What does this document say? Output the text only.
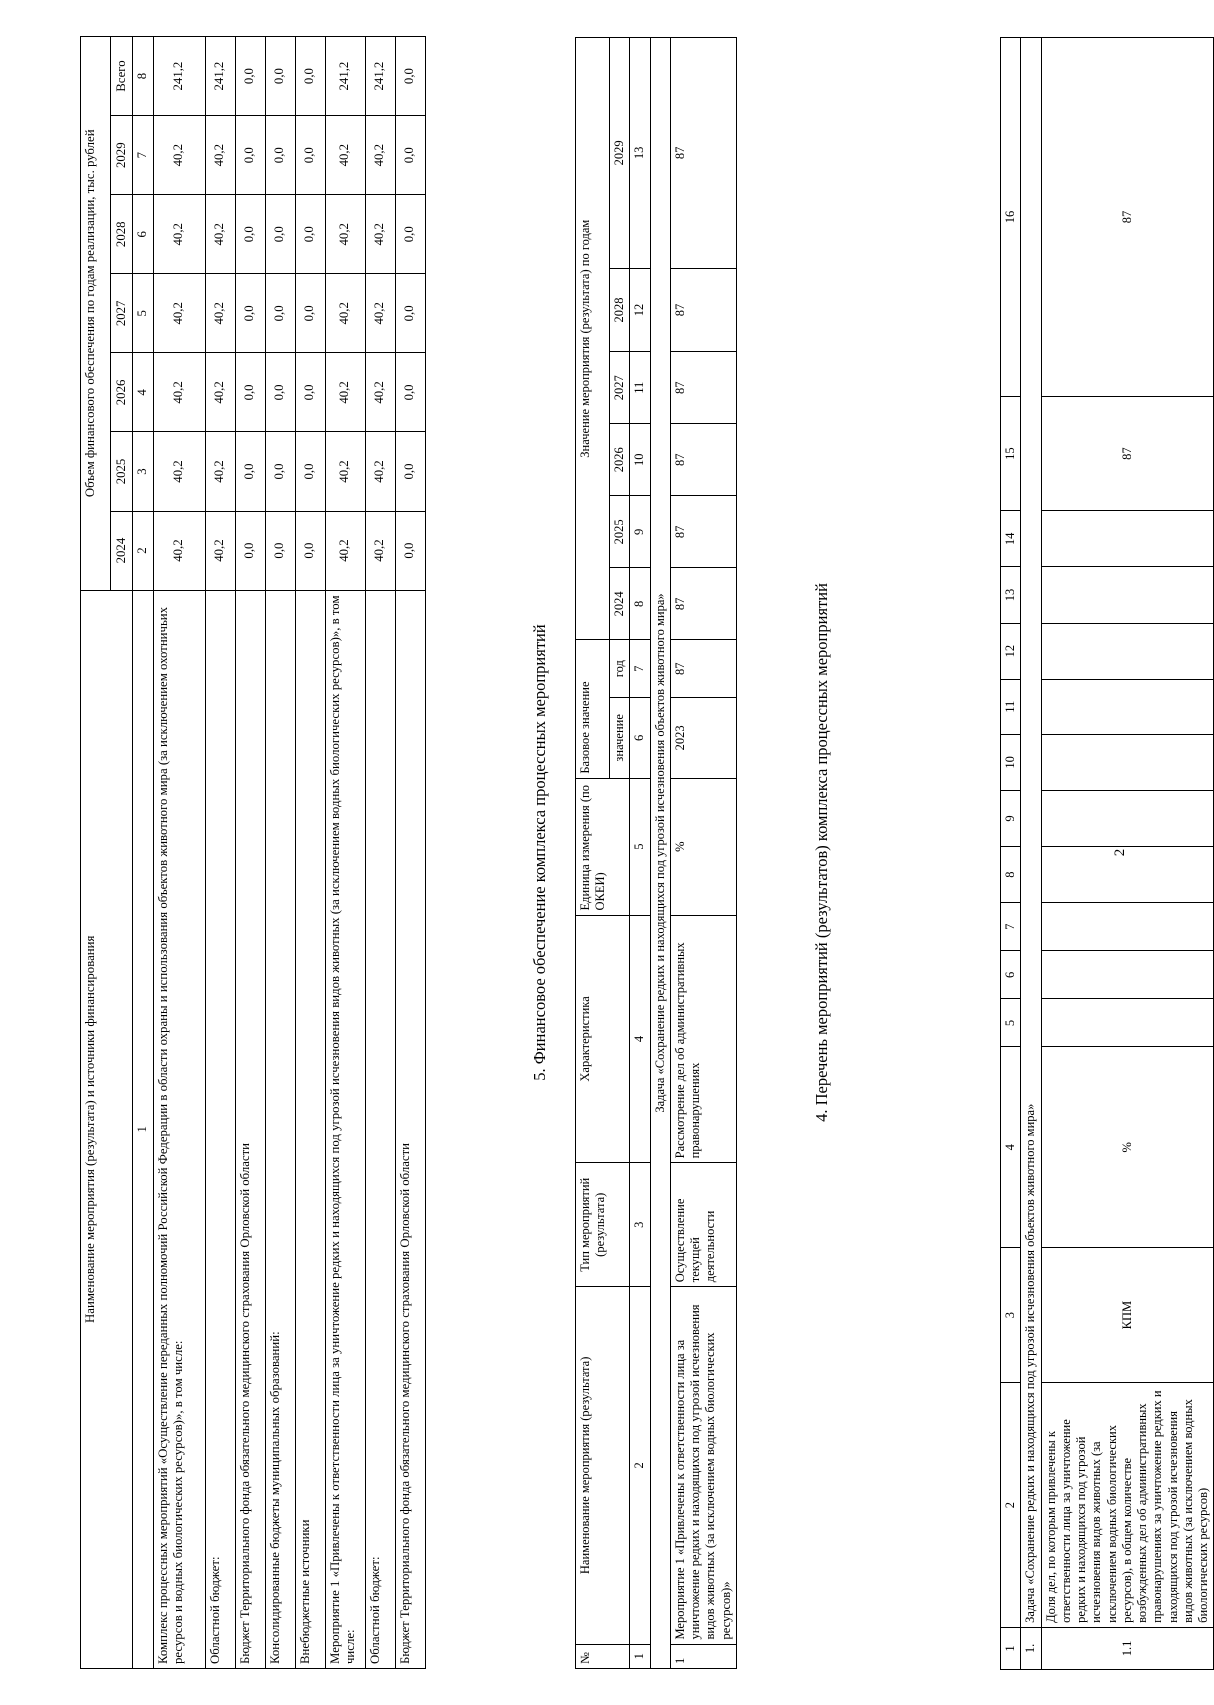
2
1	2	3	4	5	6	7	8	9	10	11	12	13	14	15	16
1.	Задача «Сохранение редких и находящихся под угрозой исчезновения объектов животного мира»														
1.1	Доля дел, по которым привлечены к ответственности лица за уничтожение редких и находящихся под угрозой исчезновения видов животных (за исключением водных биологических ресурсов), в общем количестве возбужденных дел об административных правонарушениях за уничтожение редких и находящихся под угрозой исчезновения видов животных (за исключением водных биологических ресурсов)	КПМ	%											87	87
4. Перечень мероприятий (результатов) комплекса процессных мероприятий
№	Наименование мероприятия (результата)	Тип мероприятий (результата)	Характеристика	Единица измерения (по ОКЕИ)	Базовое значение		Значение мероприятия (результата) по годам					
					значение	год	2024	2025	2026	2027	2028	2029
1	2	3	4	5	6	7	8	9	10	11	12	13
Задача «Сохранение редких и находящихся под угрозой исчезновения объектов животного мира»												
1	Мероприятие 1 «Привлечены к ответственности лица за уничтожение редких и находящихся под угрозой исчезновения видов животных (за исключением водных биологических ресурсов)»	Осуществление текущей деятельности	Рассмотрение дел об административных правонарушениях	%	2023	87	87	87	87	87	87	87
5. Финансовое обеспечение комплекса процессных мероприятий
Наименование мероприятия (результата) и источники финансирования	Объем финансового обеспечения по годам реализации, тыс. рублей						
	2024	2025	2026	2027	2028	2029	Всего
1	2	3	4	5	6	7	8
Комплекс процессных мероприятий «Осуществление переданных полномочий Российской Федерации в области охраны и использования объектов животного мира (за исключением охотничьих ресурсов и водных биологических ресурсов)», в том числе:	40,2	40,2	40,2	40,2	40,2	40,2	241,2
Областной бюджет:	40,2	40,2	40,2	40,2	40,2	40,2	241,2
Бюджет Территориального фонда обязательного медицинского страхования Орловской области	0,0	0,0	0,0	0,0	0,0	0,0	0,0
Консолидированные бюджеты муниципальных образований:	0,0	0,0	0,0	0,0	0,0	0,0	0,0
Внебюджетные источники	0,0	0,0	0,0	0,0	0,0	0,0	0,0
Мероприятие 1 «Привлечены к ответственности лица за уничтожение редких и находящихся под угрозой исчезновения видов животных (за исключением водных биологических ресурсов)», в том числе:	40,2	40,2	40,2	40,2	40,2	40,2	241,2
Областной бюджет:	40,2	40,2	40,2	40,2	40,2	40,2	241,2
Бюджет Территориального фонда обязательного медицинского страхования Орловской области	0,0	0,0	0,0	0,0	0,0	0,0	0,0
